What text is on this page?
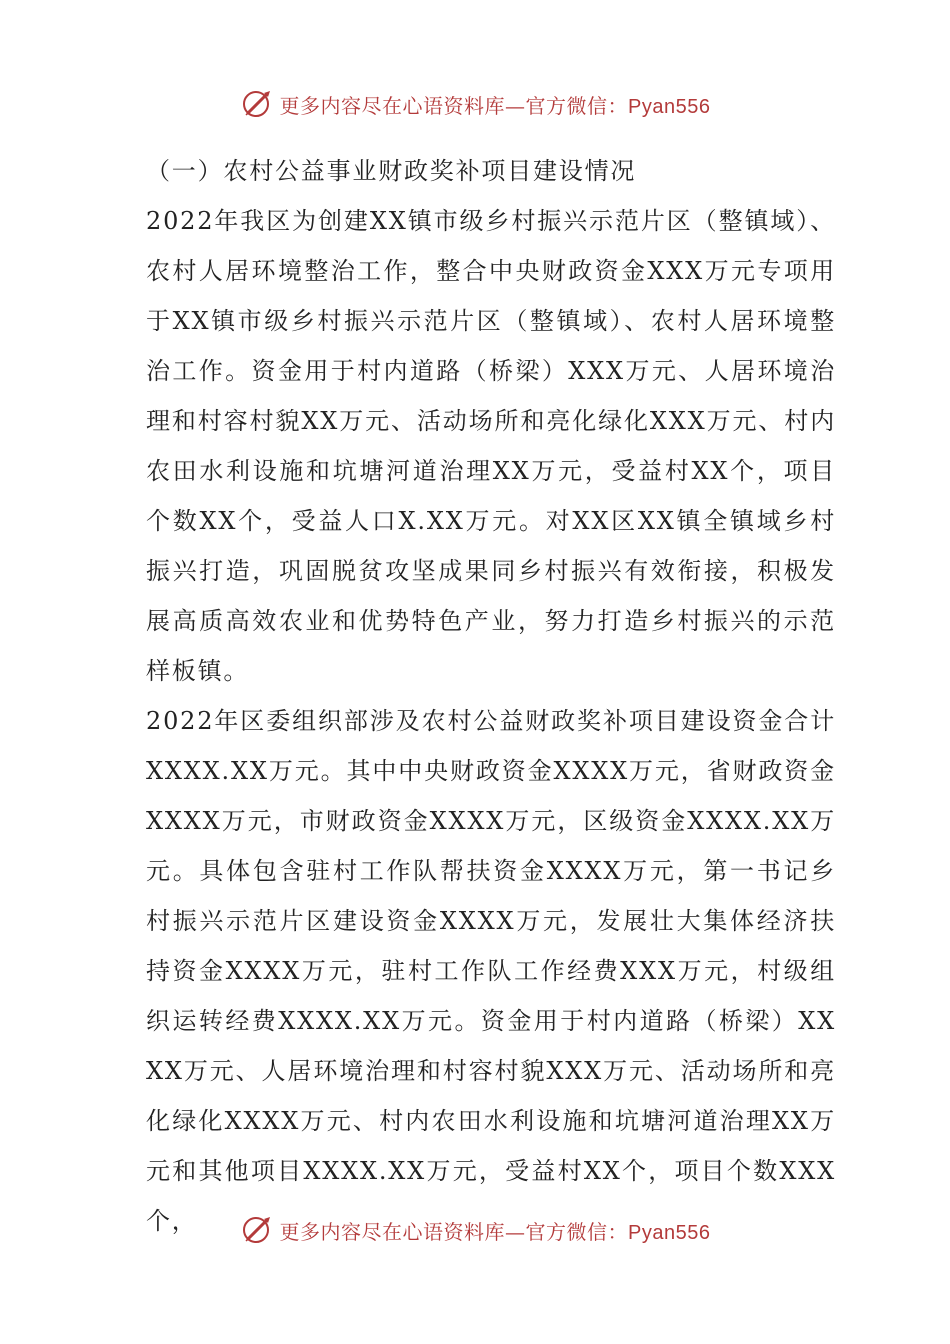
更多内容尽在心语资料库—官方微信：Pyan556

（一）农村公益事业财政奖补项目建设情况

2022年我区为创建XX镇市级乡村振兴示范片区（整镇域）、农村人居环境整治工作，整合中央财政资金XXX万元专项用于XX镇市级乡村振兴示范片区（整镇域）、农村人居环境整治工作。资金用于村内道路（桥梁）XXX万元、人居环境治理和村容村貌XX万元、活动场所和亮化绿化XXX万元、村内农田水利设施和坑塘河道治理XX万元，受益村XX个，项目个数XX个，受益人口X.XX万元。对XX区XX镇全镇域乡村振兴打造，巩固脱贫攻坚成果同乡村振兴有效衔接，积极发展高质高效农业和优势特色产业，努力打造乡村振兴的示范样板镇。

2022年区委组织部涉及农村公益财政奖补项目建设资金合计XXXX.XX万元。其中中央财政资金XXXX万元，省财政资金XXXX万元，市财政资金XXXX万元，区级资金XXXX.XX万元。具体包含驻村工作队帮扶资金XXXX万元，第一书记乡村振兴示范片区建设资金XXXX万元，发展壮大集体经济扶持资金XXXX万元，驻村工作队工作经费XXX万元，村级组织运转经费XXXX.XX万元。资金用于村内道路（桥梁）XXXX万元、人居环境治理和村容村貌XXX万元、活动场所和亮化绿化XXXX万元、村内农田水利设施和坑塘河道治理XX万元和其他项目XXXX.XX万元，受益村XX个，项目个数XXX个，	更多内容尽在心语资料库—官方微信：Pyan556
